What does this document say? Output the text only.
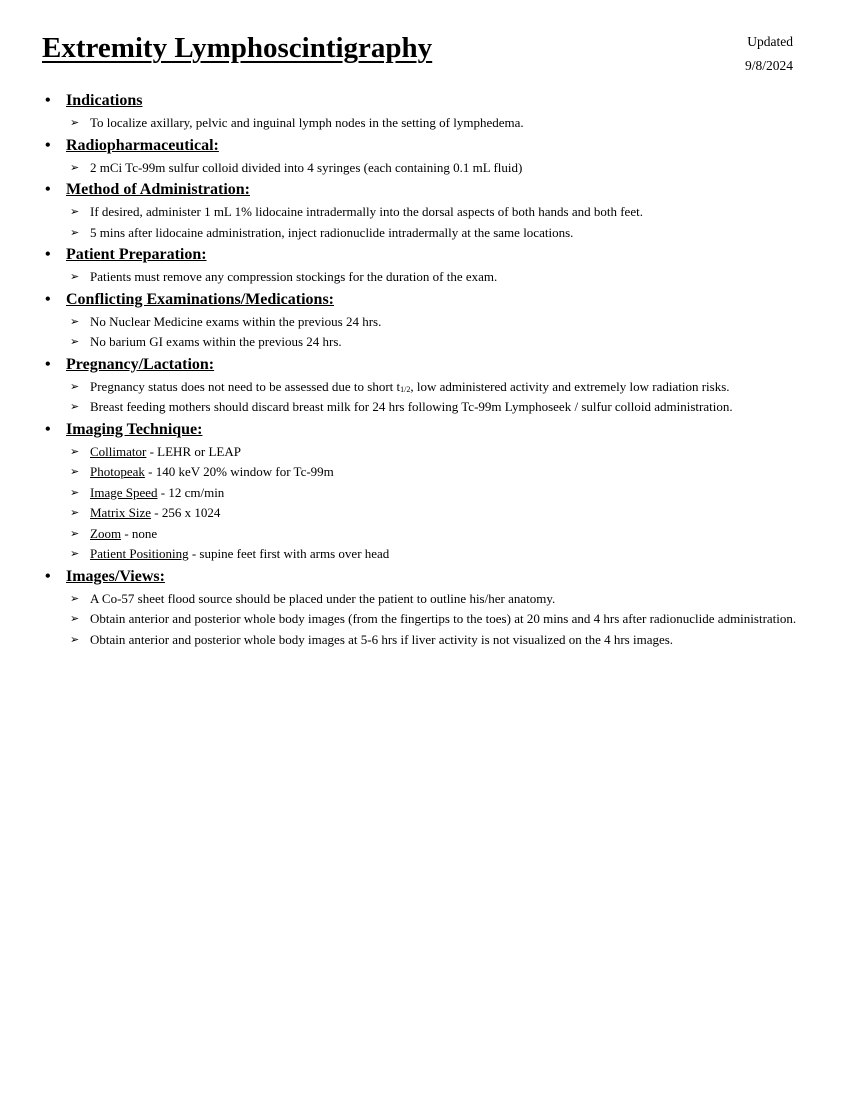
Extremity Lymphoscintigraphy	Updated
9/8/2024
• Indications
➢ To localize axillary, pelvic and inguinal lymph nodes in the setting of lymphedema.
• Radiopharmaceutical:
➢ 2 mCi Tc-99m sulfur colloid divided into 4 syringes (each containing 0.1 mL fluid)
• Method of Administration:
➢ If desired, administer 1 mL 1% lidocaine intradermally into the dorsal aspects of both hands and both feet.
➢ 5 mins after lidocaine administration, inject radionuclide intradermally at the same locations.
• Patient Preparation:
➢ Patients must remove any compression stockings for the duration of the exam.
• Conflicting Examinations/Medications:
➢ No Nuclear Medicine exams within the previous 24 hrs.
➢ No barium GI exams within the previous 24 hrs.
• Pregnancy/Lactation:
➢ Pregnancy status does not need to be assessed due to short $t_{1/2}$, low administered activity and extremely low radiation risks.
➢ Breast feeding mothers should discard breast milk for 24 hrs following Tc-99m Lymphoseek / sulfur colloid administration.
• Imaging Technique:
➢ Collimator - LEHR or LEAP
➢ Photopeak - 140 keV 20% window for Tc-99m
➢ Image Speed - 12 cm/min
➢ Matrix Size - 256 x 1024
➢ Zoom - none
➢ Patient Positioning - supine feet first with arms over head
• Images/Views:
➢ A Co-57 sheet flood source should be placed under the patient to outline his/her anatomy.
➢ Obtain anterior and posterior whole body images (from the fingertips to the toes) at 20 mins and 4 hrs after radionuclide administration.
➢ Obtain anterior and posterior whole body images at 5-6 hrs if liver activity is not visualized on the 4 hrs images.
